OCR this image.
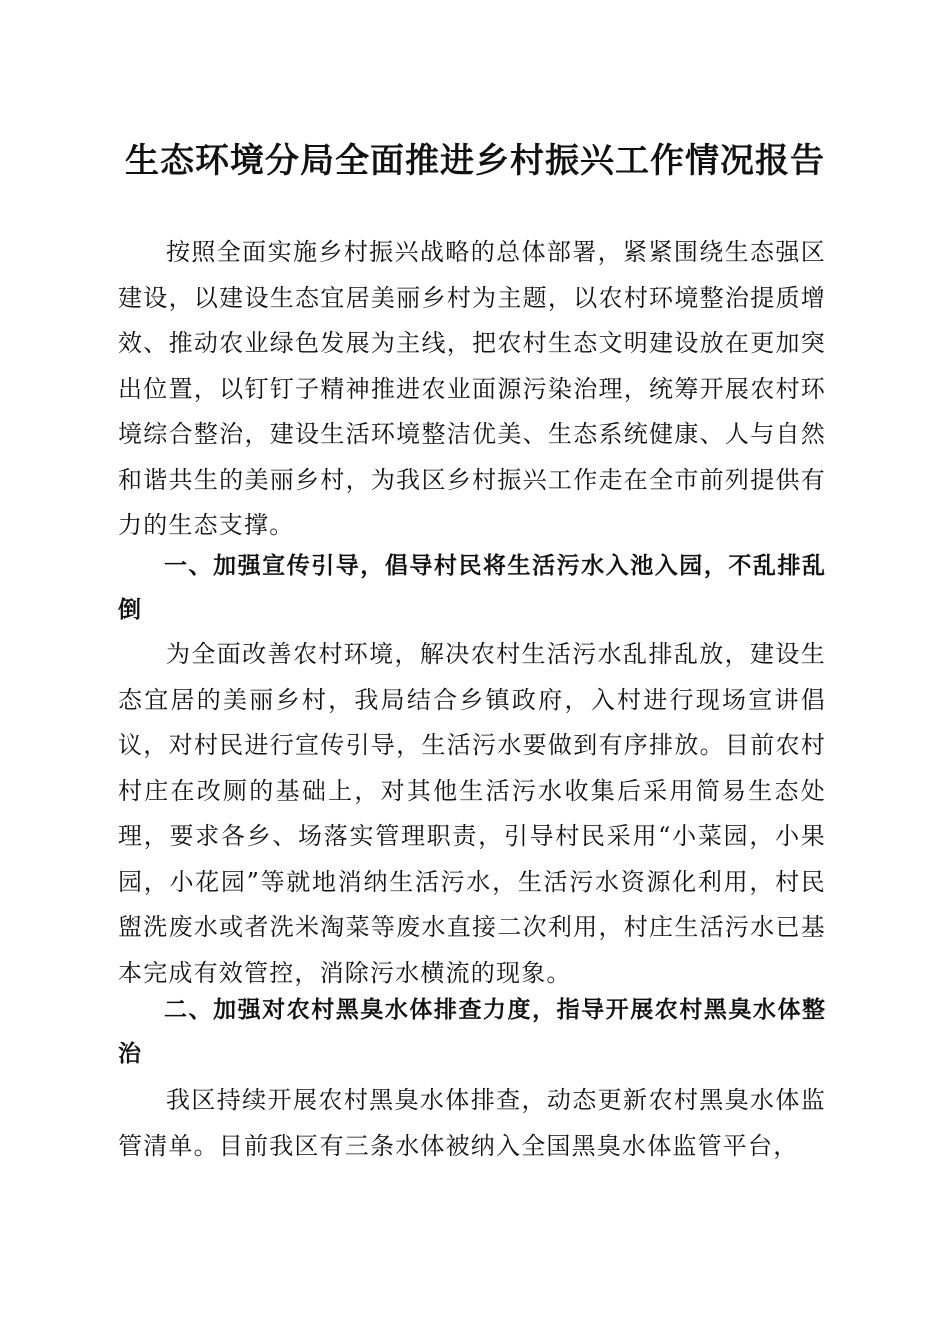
生态环境分局全面推进乡村振兴工作情况报告

按照全面实施乡村振兴战略的总体部署，紧紧围绕生态强区建设，以建设生态宜居美丽乡村为主题，以农村环境整治提质增效、推动农业绿色发展为主线，把农村生态文明建设放在更加突出位置，以钉钉子精神推进农业面源污染治理，统筹开展农村环境综合整治，建设生活环境整洁优美、生态系统健康、人与自然和谐共生的美丽乡村，为我区乡村振兴工作走在全市前列提供有力的生态支撑。

一、加强宣传引导，倡导村民将生活污水入池入园，不乱排乱倒

为全面改善农村环境，解决农村生活污水乱排乱放，建设生态宜居的美丽乡村，我局结合乡镇政府，入村进行现场宣讲倡议，对村民进行宣传引导，生活污水要做到有序排放。目前农村村庄在改厕的基础上，对其他生活污水收集后采用简易生态处理，要求各乡、场落实管理职责，引导村民采用“小菜园，小果园，小花园”等就地消纳生活污水，生活污水资源化利用，村民盥洗废水或者洗米淘菜等废水直接二次利用，村庄生活污水已基本完成有效管控，消除污水横流的现象。

二、加强对农村黑臭水体排查力度，指导开展农村黑臭水体整治

我区持续开展农村黑臭水体排查，动态更新农村黑臭水体监管清单。目前我区有三条水体被纳入全国黑臭水体监管平台，
